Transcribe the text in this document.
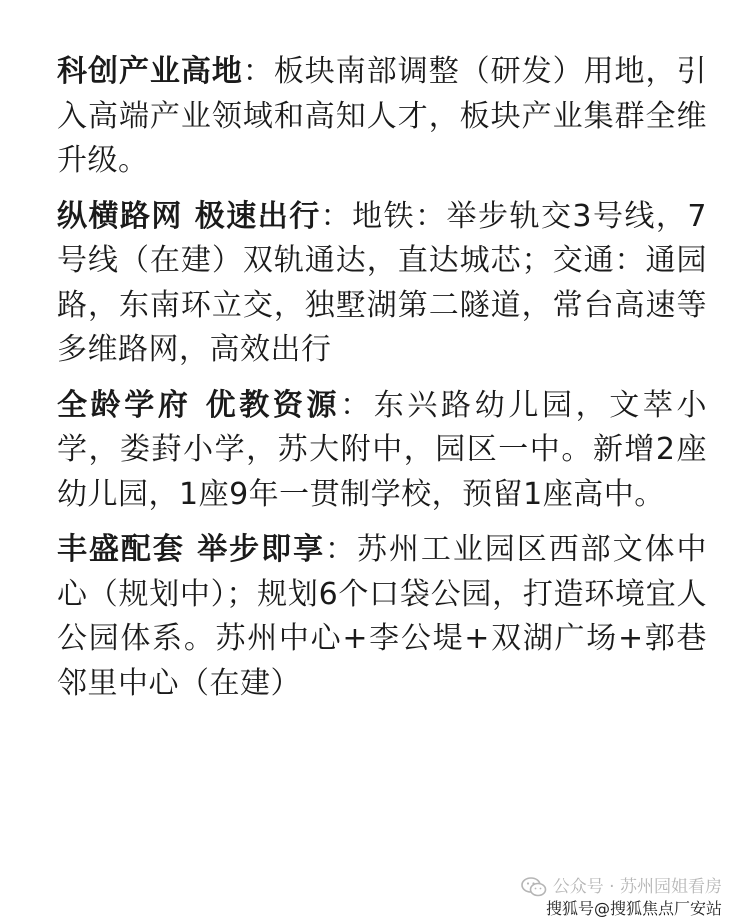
科创产业高地：板块南部调整（研发）用地，引入高端产业领域和高知人才，板块产业集群全维升级。

纵横路网 极速出行：地铁：举步轨交3号线，7号线（在建）双轨通达，直达城芯；交通：通园路，东南环立交，独墅湖第二隧道，常台高速等多维路网，高效出行

全龄学府 优教资源：东兴路幼儿园，文萃小学，娄葑小学，苏大附中，园区一中。新增2座幼儿园，1座9年一贯制学校，预留1座高中。

丰盛配套 举步即享：苏州工业园区西部文体中心（规划中）；规划6个口袋公园，打造环境宜人公园体系。苏州中心+李公堤+双湖广场+郭巷邻里中心（在建）

公众号 · 苏州园姐看房
搜狐号@搜狐焦点厂安站
